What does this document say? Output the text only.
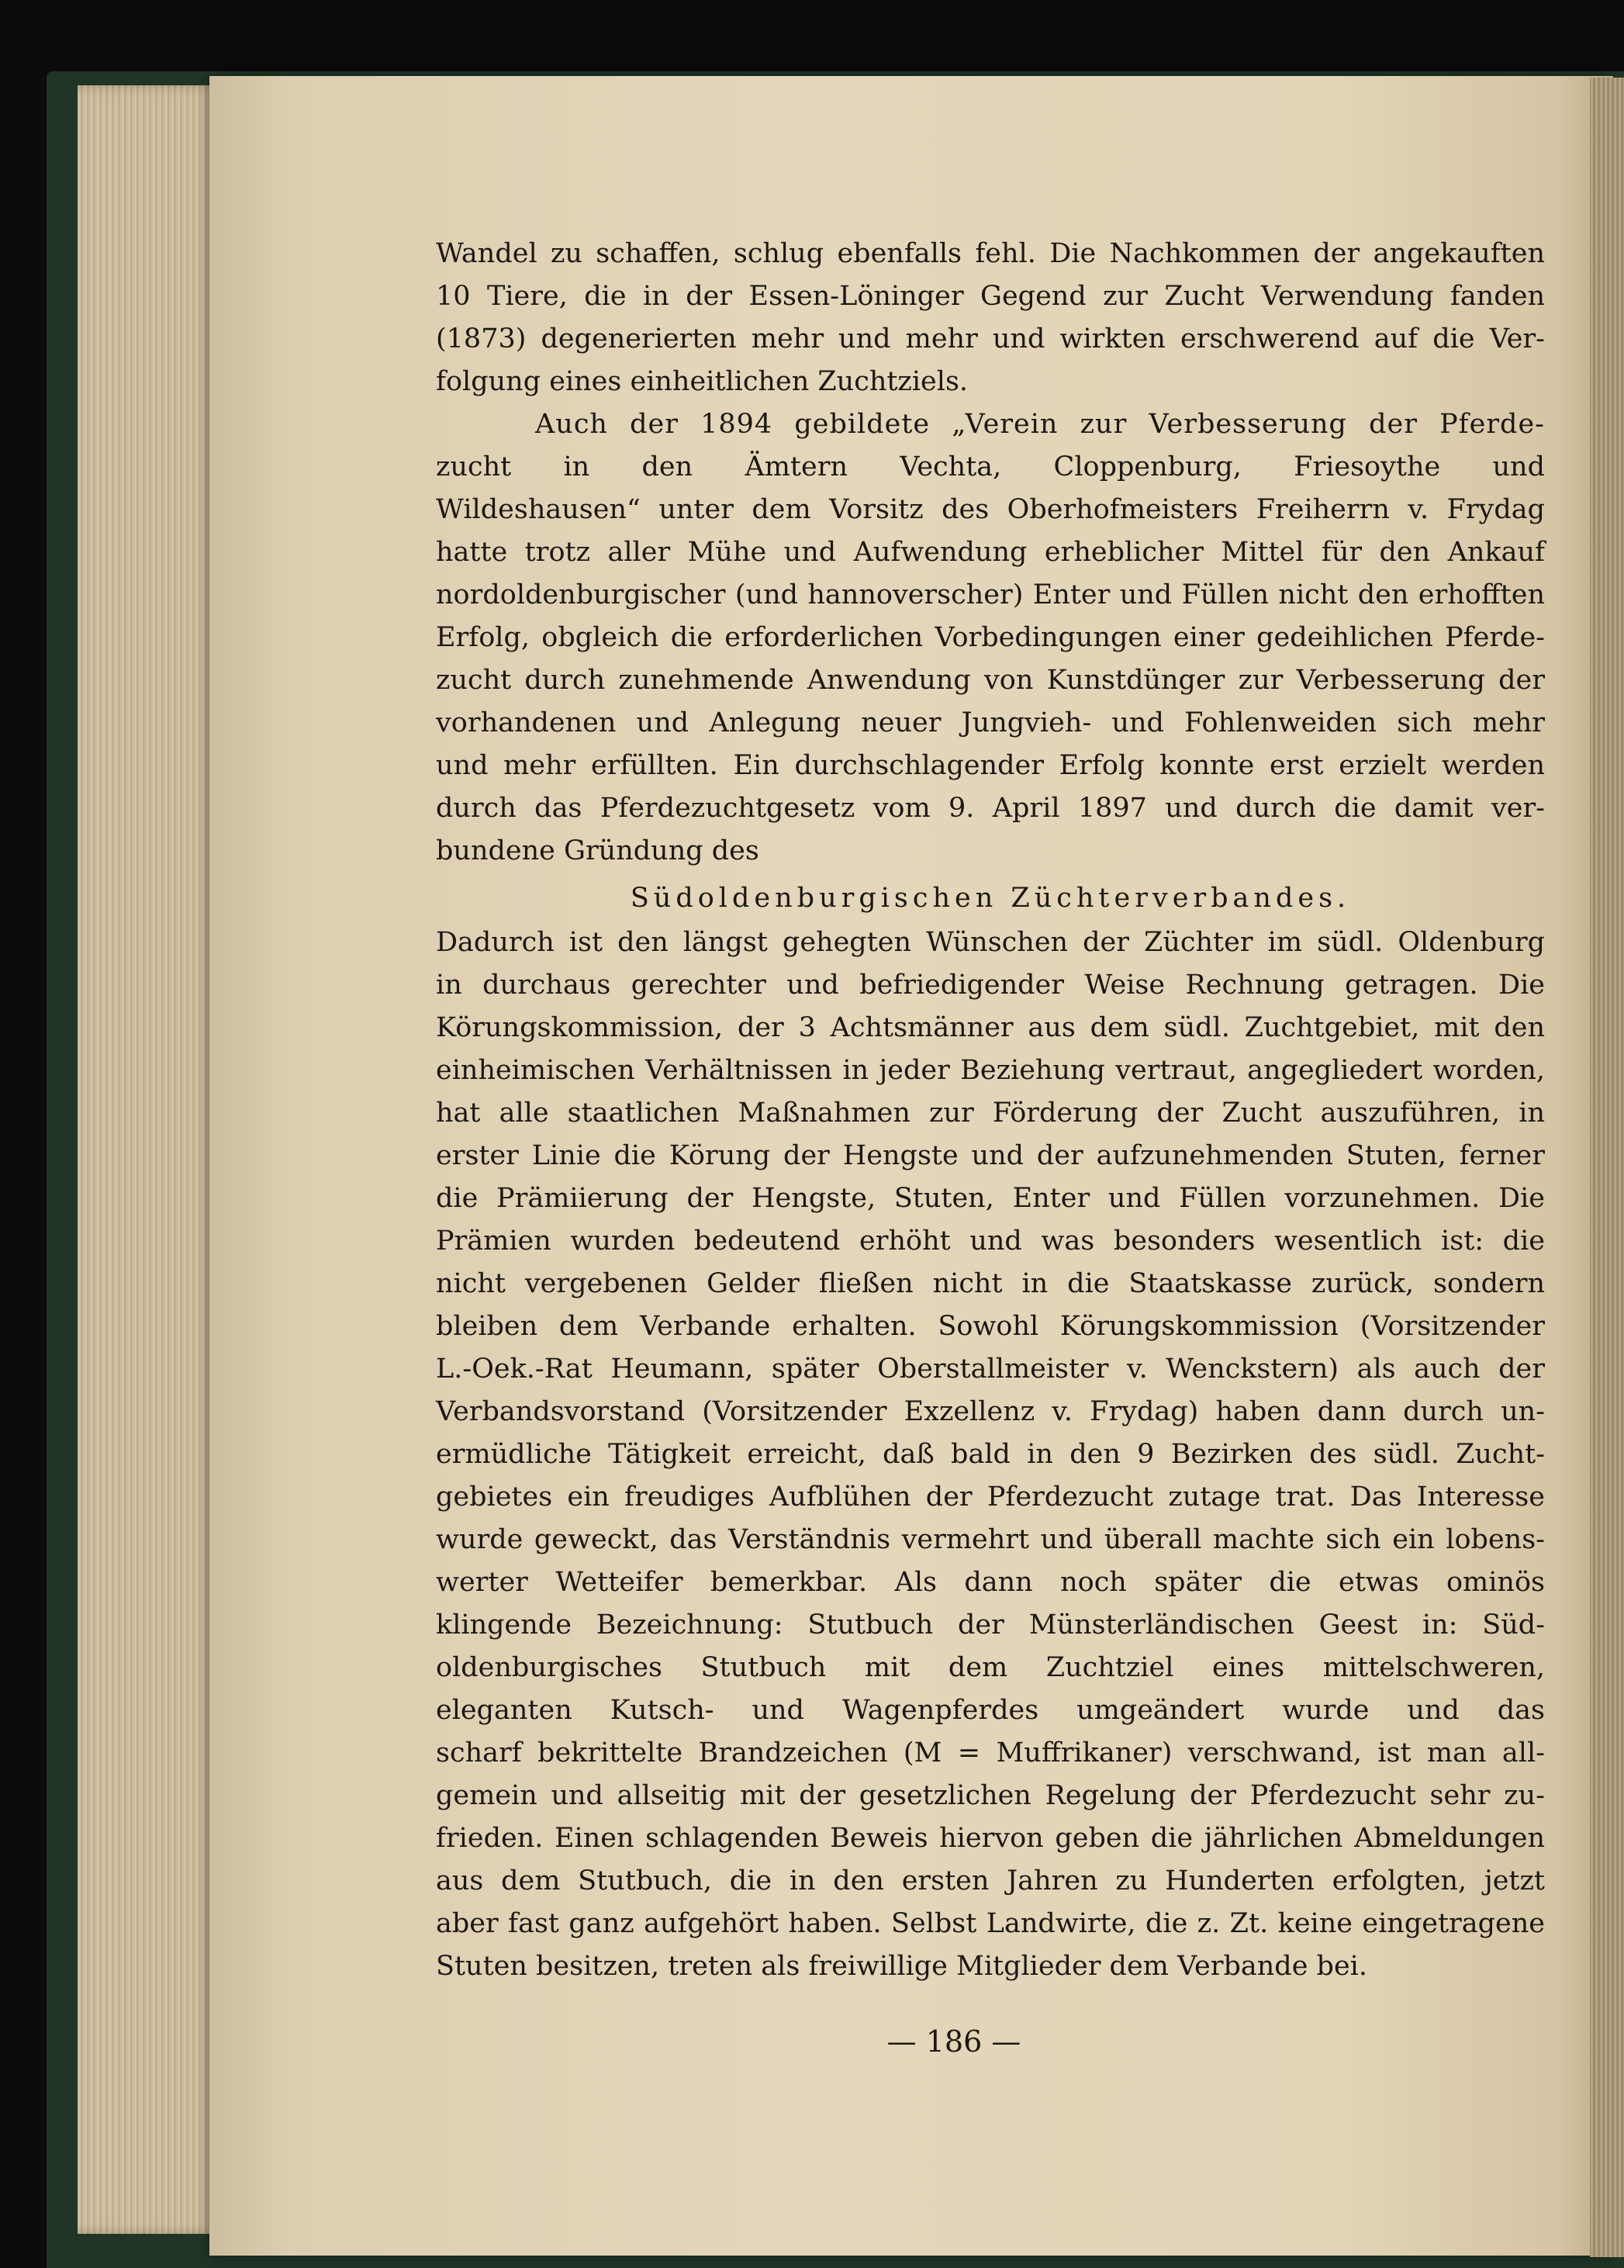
Wandel zu schaffen, schlug ebenfalls fehl. Die Nachkommen der angekauften
10 Tiere, die in der Essen-Löninger Gegend zur Zucht Verwendung fanden
(1873) degenerierten mehr und mehr und wirkten erschwerend auf die Ver-
folgung eines einheitlichen Zuchtziels.
Auch der 1894 gebildete „Verein zur Verbesserung der Pferde-
zucht in den Ämtern Vechta, Cloppenburg, Friesoythe und
Wildeshausen“ unter dem Vorsitz des Oberhofmeisters Freiherrn v. Frydag
hatte trotz aller Mühe und Aufwendung erheblicher Mittel für den Ankauf
nordoldenburgischer (und hannoverscher) Enter und Füllen nicht den erhofften
Erfolg, obgleich die erforderlichen Vorbedingungen einer gedeihlichen Pferde-
zucht durch zunehmende Anwendung von Kunstdünger zur Verbesserung der
vorhandenen und Anlegung neuer Jungvieh- und Fohlenweiden sich mehr
und mehr erfüllten. Ein durchschlagender Erfolg konnte erst erzielt werden
durch das Pferdezuchtgesetz vom 9. April 1897 und durch die damit ver-
bundene Gründung des
Südoldenburgischen Züchterverbandes.
Dadurch ist den längst gehegten Wünschen der Züchter im südl. Oldenburg
in durchaus gerechter und befriedigender Weise Rechnung getragen. Die
Körungskommission, der 3 Achtsmänner aus dem südl. Zuchtgebiet, mit den
einheimischen Verhältnissen in jeder Beziehung vertraut, angegliedert worden,
hat alle staatlichen Maßnahmen zur Förderung der Zucht auszuführen, in
erster Linie die Körung der Hengste und der aufzunehmenden Stuten, ferner
die Prämiierung der Hengste, Stuten, Enter und Füllen vorzunehmen. Die
Prämien wurden bedeutend erhöht und was besonders wesentlich ist: die
nicht vergebenen Gelder fließen nicht in die Staatskasse zurück, sondern
bleiben dem Verbande erhalten. Sowohl Körungskommission (Vorsitzender
L.-Oek.-Rat Heumann, später Oberstallmeister v. Wenckstern) als auch der
Verbandsvorstand (Vorsitzender Exzellenz v. Frydag) haben dann durch un-
ermüdliche Tätigkeit erreicht, daß bald in den 9 Bezirken des südl. Zucht-
gebietes ein freudiges Aufblühen der Pferdezucht zutage trat. Das Interesse
wurde geweckt, das Verständnis vermehrt und überall machte sich ein lobens-
werter Wetteifer bemerkbar. Als dann noch später die etwas ominös
klingende Bezeichnung: Stutbuch der Münsterländischen Geest in: Süd-
oldenburgisches Stutbuch mit dem Zuchtziel eines mittelschweren,
eleganten Kutsch- und Wagenpferdes umgeändert wurde und das
scharf bekrittelte Brandzeichen (M = Muffrikaner) verschwand, ist man all-
gemein und allseitig mit der gesetzlichen Regelung der Pferdezucht sehr zu-
frieden. Einen schlagenden Beweis hiervon geben die jährlichen Abmeldungen
aus dem Stutbuch, die in den ersten Jahren zu Hunderten erfolgten, jetzt
aber fast ganz aufgehört haben. Selbst Landwirte, die z. Zt. keine eingetragene
Stuten besitzen, treten als freiwillige Mitglieder dem Verbande bei.
— 186 —
